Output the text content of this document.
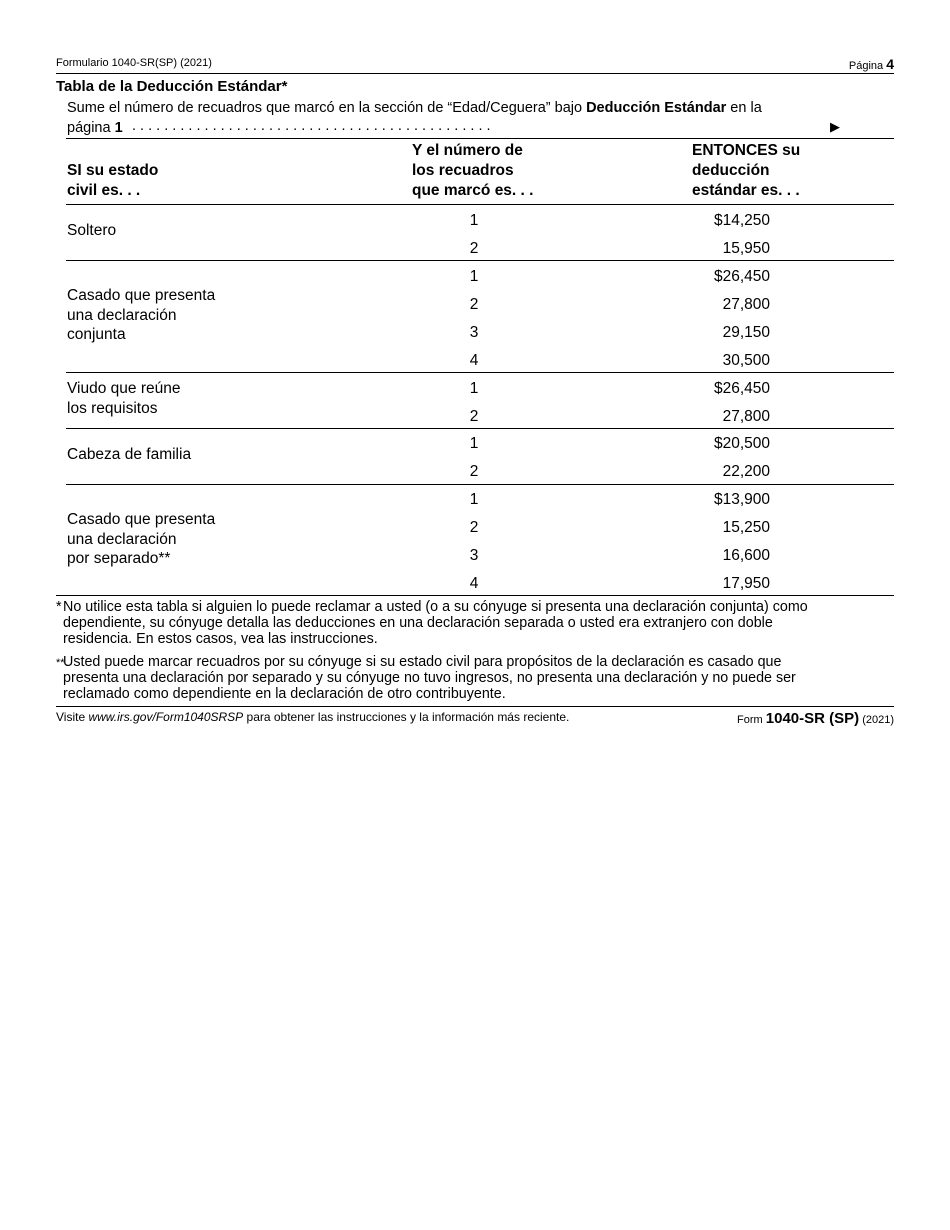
Formulario 1040-SR(SP) (2021)	Página 4
Tabla de la Deducción Estándar*
Sume el número de recuadros que marcó en la sección de “Edad/Ceguera” bajo Deducción Estándar en la
página 1 . . . . . . . . . . . . . . . . . . . . . . . . . . . . . . . . . . . . . . . . . . . . .	▶
SI su estado
civil es. . .
Y el número de
los recuadros
que marcó es. . .
ENTONCES su
deducción
estándar es. . .
Soltero
1	$14,250
2	15,950
Casado que presenta
una declaración
conjunta
1	$26,450
2	27,800
3	29,150
4	30,500
Viudo que reúne
los requisitos
1	$26,450
2	27,800
Cabeza de familia
1	$20,500
2	22,200
Casado que presenta
una declaración
por separado**
1	$13,900
2	15,250
3	16,600
4	17,950
* No utilice esta tabla si alguien lo puede reclamar a usted (o a su cónyuge si presenta una declaración conjunta) como
dependiente, su cónyuge detalla las deducciones en una declaración separada o usted era extranjero con doble
residencia. En estos casos, vea las instrucciones.
**
Usted puede marcar recuadros por su cónyuge si su estado civil para propósitos de la declaración es casado que
presenta una declaración por separado y su cónyuge no tuvo ingresos, no presenta una declaración y no puede ser
reclamado como dependiente en la declaración de otro contribuyente.
Visite www.irs.gov/Form1040SRSP para obtener las instrucciones y la información más reciente.	Form 1040-SR (SP) (2021)
